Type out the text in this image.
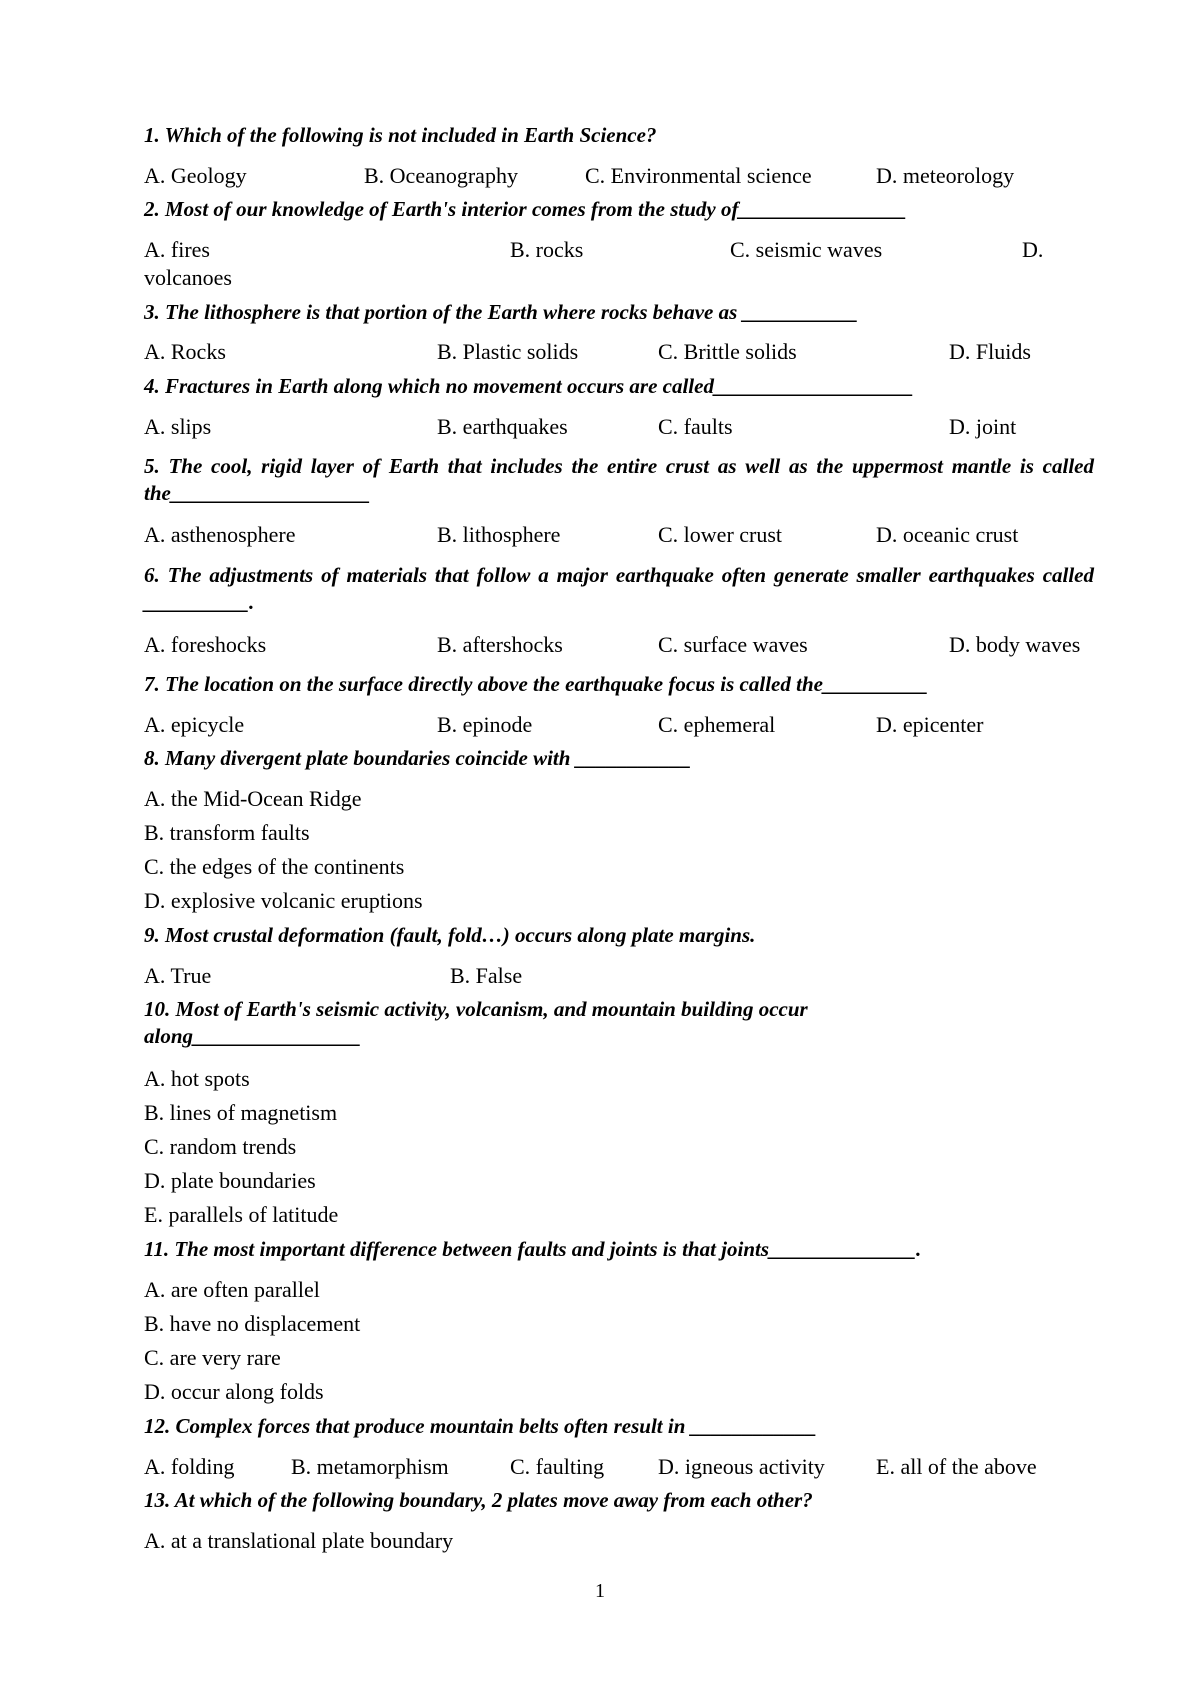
1. Which of the following is not included in Earth Science?

A. Geology	B. Oceanography	C. Environmental science	D. meteorology

2. Most of our knowledge of Earth's interior comes from the study of________________

A. fires	B. rocks	C. seismic waves	D.
volcanoes

3. The lithosphere is that portion of the Earth where rocks behave as ___________

A. Rocks	B. Plastic solids	C. Brittle solids	D. Fluids

4. Fractures in Earth along which no movement occurs are called___________________

A. slips	B. earthquakes	C. faults	D. joint

5. The cool, rigid layer of Earth that includes the entire crust as well as the uppermost mantle is called the___________________

A. asthenosphere	B. lithosphere	C. lower crust	D. oceanic crust

6. The adjustments of materials that follow a major earthquake often generate smaller earthquakes called __________.

A. foreshocks	B. aftershocks	C. surface waves	D. body waves

7. The location on the surface directly above the earthquake focus is called the__________

A. epicycle	B. epinode	C. ephemeral	D. epicenter

8. Many divergent plate boundaries coincide with ___________

A. the Mid-Ocean Ridge
B. transform faults
C. the edges of the continents
D. explosive volcanic eruptions

9. Most crustal deformation (fault, fold…) occurs along plate margins.

A. True	B. False

10. Most of Earth's seismic activity, volcanism, and mountain building occur

along________________

A. hot spots
B. lines of magnetism
C. random trends
D. plate boundaries
E. parallels of latitude

11. The most important difference between faults and joints is that joints______________.

A. are often parallel
B. have no displacement
C. are very rare
D. occur along folds

12. Complex forces that produce mountain belts often result in ____________

A. folding	B. metamorphism	C. faulting D. igneous activity E. all of the above

13. At which of the following boundary, 2 plates move away from each other?

A. at a translational plate boundary
1
